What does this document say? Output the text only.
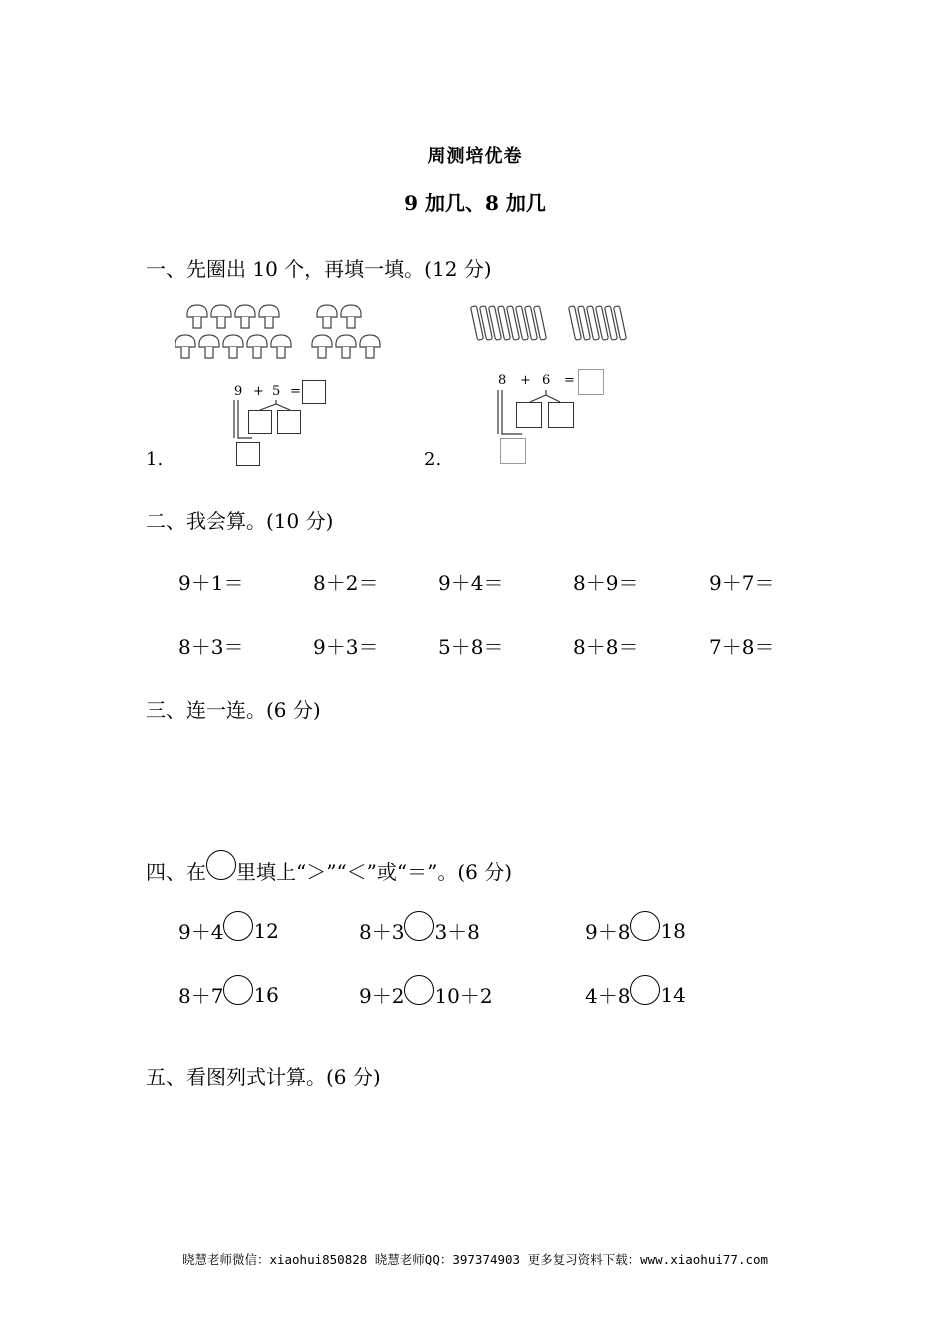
周测培优卷
9 加几、8 加几
一、先圈出 10 个，再填一填。(12 分)
9 + 5 =
1.
8 + 6 =
2.
二、我会算。(10 分)
9＋1＝	8＋2＝	9＋4＝	8＋9＝	9＋7＝
8＋3＝	9＋3＝	5＋8＝	8＋8＝	7＋8＝
三、连一连。(6 分)
四、在 里填上“＞”“＜”或“＝”。(6 分)
9＋4 12	8＋3 3＋8	9＋8 18
8＋7 16	9＋2 10＋2	4＋8 14
五、看图列式计算。(6 分)
晓慧老师微信：xiaohui850828 晓慧老师QQ：397374903 更多复习资料下载：www.xiaohui77.com
